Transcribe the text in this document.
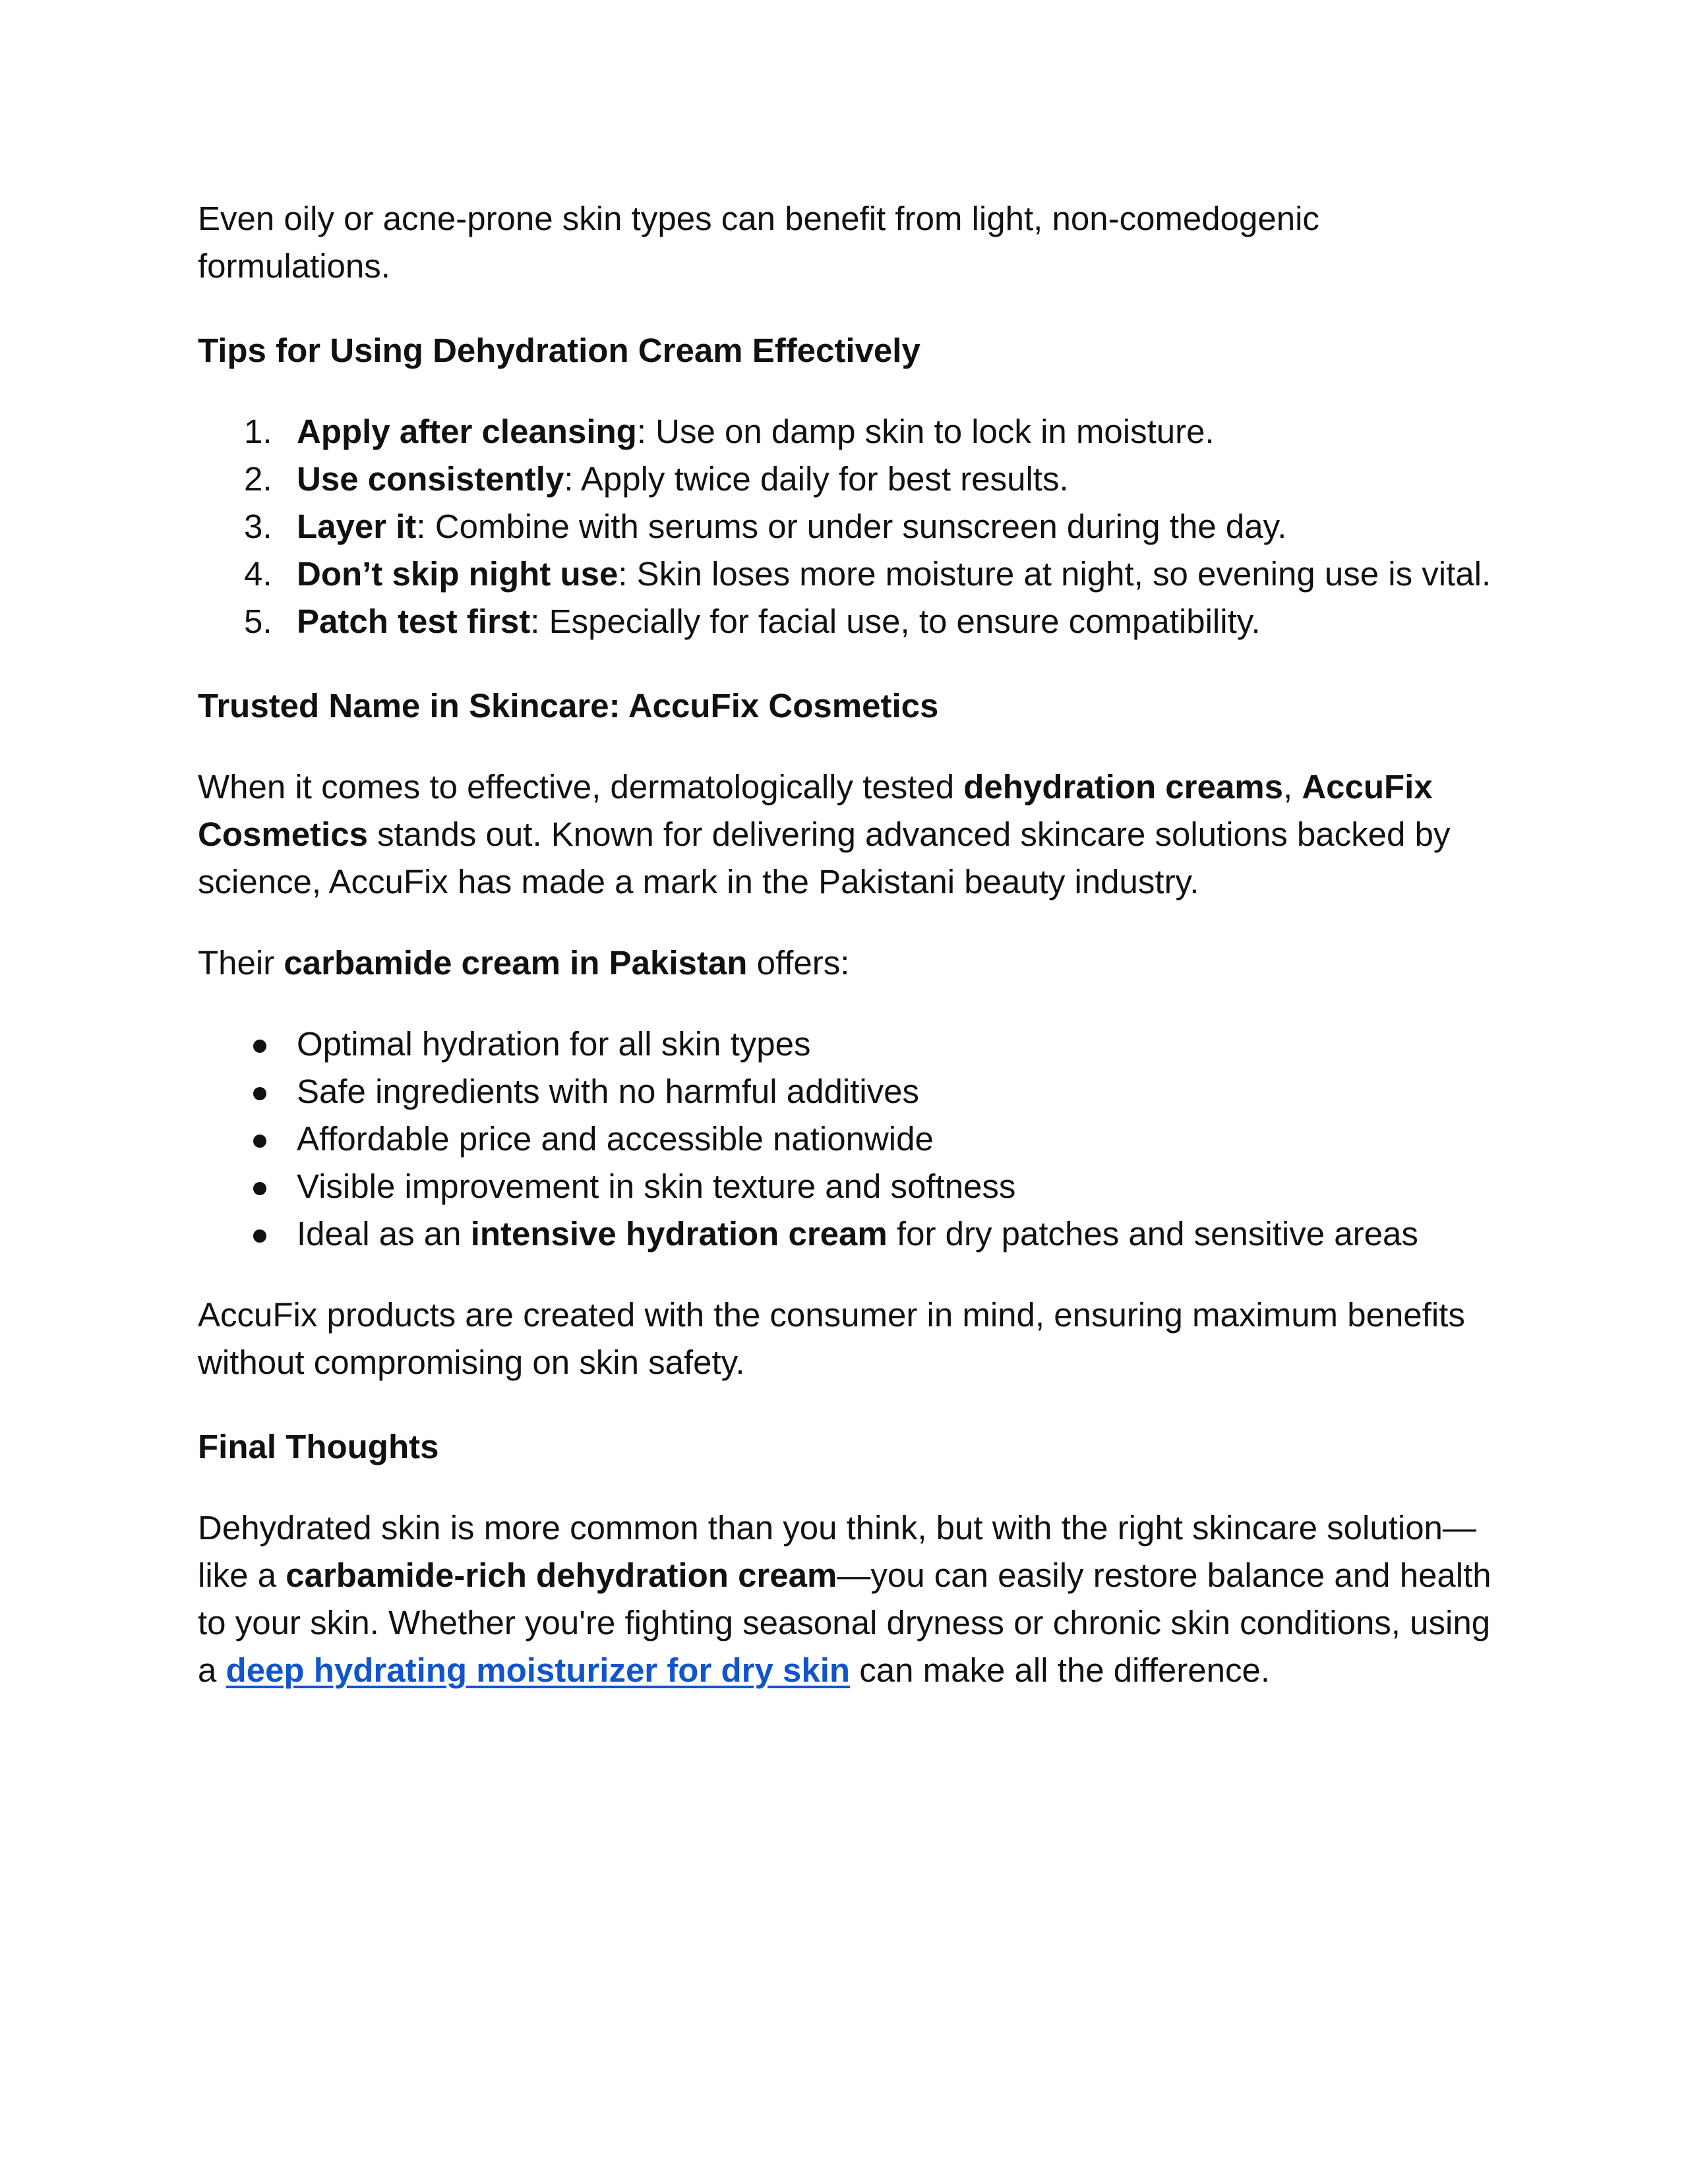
Even oily or acne-prone skin types can benefit from light, non-comedogenic formulations.

Tips for Using Dehydration Cream Effectively
1. Apply after cleansing: Use on damp skin to lock in moisture.
2. Use consistently: Apply twice daily for best results.
3. Layer it: Combine with serums or under sunscreen during the day.
4. Don’t skip night use: Skin loses more moisture at night, so evening use is vital.
5. Patch test first: Especially for facial use, to ensure compatibility.
Trusted Name in Skincare: AccuFix Cosmetics

When it comes to effective, dermatologically tested dehydration creams, AccuFix Cosmetics stands out. Known for delivering advanced skincare solutions backed by science, AccuFix has made a mark in the Pakistani beauty industry.

Their carbamide cream in Pakistan offers:

Optimal hydration for all skin types
Safe ingredients with no harmful additives
Affordable price and accessible nationwide
Visible improvement in skin texture and softness
Ideal as an intensive hydration cream for dry patches and sensitive areas

AccuFix products are created with the consumer in mind, ensuring maximum benefits without compromising on skin safety.

Final Thoughts

Dehydrated skin is more common than you think, but with the right skincare solution—like a carbamide-rich dehydration cream—you can easily restore balance and health to your skin. Whether you're fighting seasonal dryness or chronic skin conditions, using a deep hydrating moisturizer for dry skin can make all the difference.
